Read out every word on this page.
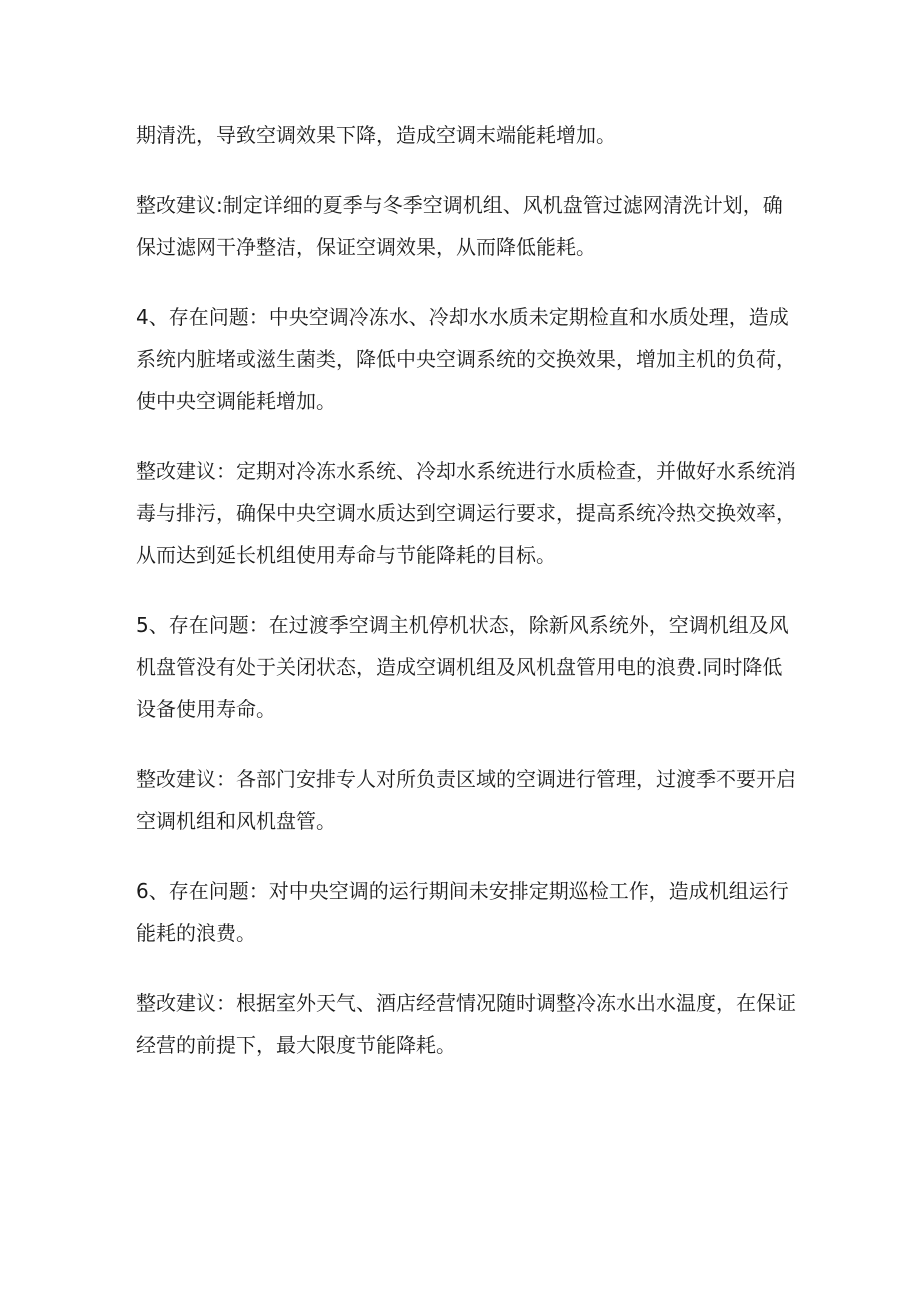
期清洗，导致空调效果下降，造成空调末端能耗增加。

整改建议:制定详细的夏季与冬季空调机组、风机盘管过滤网清洗计划，确保过滤网干净整洁，保证空调效果，从而降低能耗。

4、存在问题：中央空调冷冻水、冷却水水质未定期检直和水质处理，造成系统内脏堵或滋生菌类，降低中央空调系统的交换效果，增加主机的负荷，使中央空调能耗增加。

整改建议：定期对冷冻水系统、冷却水系统进行水质检查，并做好水系统消毒与排污，确保中央空调水质达到空调运行要求，提高系统冷热交换效率，从而达到延长机组使用寿命与节能降耗的目标。

5、存在问题：在过渡季空调主机停机状态，除新风系统外，空调机组及风机盘管没有处于关闭状态，造成空调机组及风机盘管用电的浪费.同时降低设备使用寿命。

整改建议：各部门安排专人对所负责区域的空调进行管理，过渡季不要开启空调机组和风机盘管。

6、存在问题：对中央空调的运行期间未安排定期巡检工作，造成机组运行能耗的浪费。

整改建议：根据室外天气、酒店经营情况随时调整冷冻水出水温度，在保证经营的前提下，最大限度节能降耗。
